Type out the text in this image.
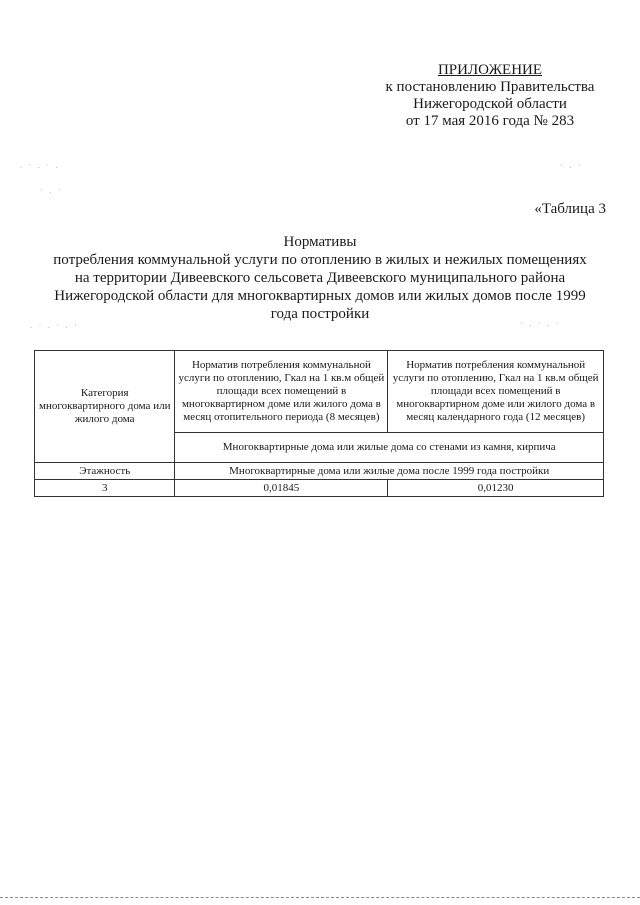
. · . · .
· . ·
. · . · . ·	· . · . ·
· . ·
ПРИЛОЖЕНИЕ
к постановлению Правительства
Нижегородской области
от 17 мая 2016 года № 283
«Таблица 3
Нормативы
потребления коммунальной услуги по отоплению в жилых и нежилых помещениях
на территории Дивеевского сельсовета Дивеевского муниципального района
Нижегородской области для многоквартирных домов или жилых домов после 1999
года постройки
Категория многоквартирного дома или жилого дома	Норматив потребления коммунальной услуги по отоплению, Гкал на 1 кв.м общей площади всех помещений в многоквартирном доме или жилого дома в месяц отопительного периода (8 месяцев)	Норматив потребления коммунальной услуги по отоплению, Гкал на 1 кв.м общей площади всех помещений в многоквартирном доме или жилого дома в месяц календарного года (12 месяцев)
	Многоквартирные дома или жилые дома со стенами из камня, кирпича	
Этажность	Многоквартирные дома или жилые дома после 1999 года постройки	
3	0,01845	0,01230
